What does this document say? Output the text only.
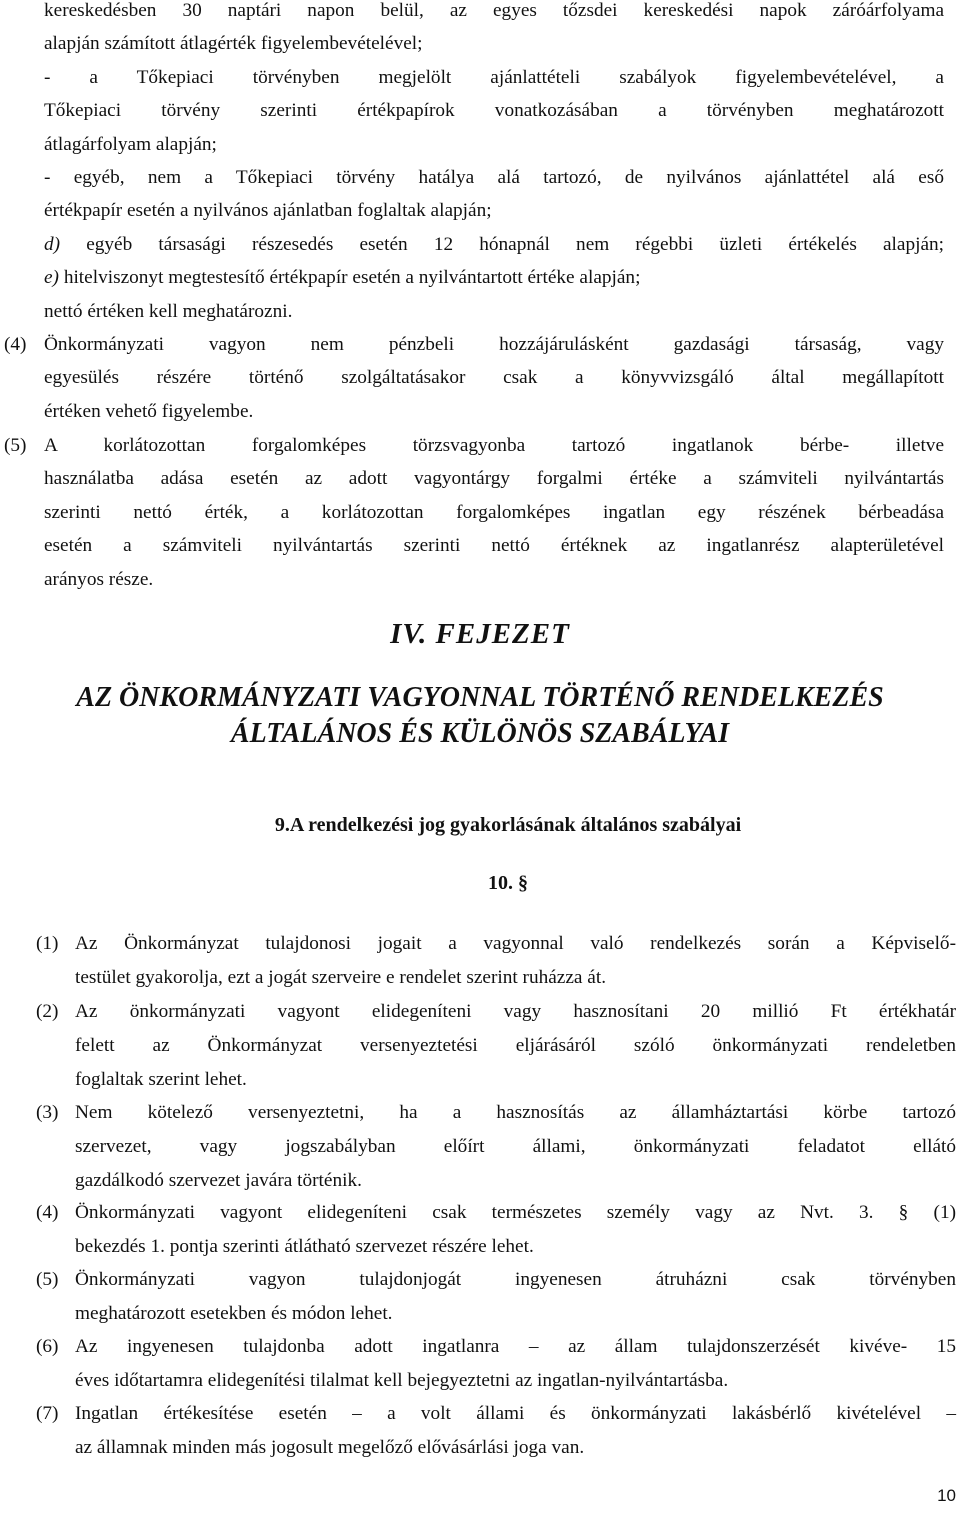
kereskedésben 30 naptári napon belül, az egyes tőzsdei kereskedési napok záróárfolyama
alapján számított átlagérték figyelembevételével;
- a Tőkepiaci törvényben megjelölt ajánlattételi szabályok figyelembevételével, a
Tőkepiaci törvény szerinti értékpapírok vonatkozásában a törvényben meghatározott
átlagárfolyam alapján;
- egyéb, nem a Tőkepiaci törvény hatálya alá tartozó, de nyilvános ajánlattétel alá eső
értékpapír esetén a nyilvános ajánlatban foglaltak alapján;
d) egyéb társasági részesedés esetén 12 hónapnál nem régebbi üzleti értékelés alapján;
e) hitelviszonyt megtestesítő értékpapír esetén a nyilvántartott értéke alapján;
nettó értéken kell meghatározni.
(4) Önkormányzati vagyon nem pénzbeli hozzájárulásként gazdasági társaság, vagy
egyesülés részére történő szolgáltatásakor csak a könyvvizsgáló által megállapított
értéken vehető figyelembe.
(5) A korlátozottan forgalomképes törzsvagyonba tartozó ingatlanok bérbe- illetve
használatba adása esetén az adott vagyontárgy forgalmi értéke a számviteli nyilvántartás
szerinti nettó érték, a korlátozottan forgalomképes ingatlan egy részének bérbeadása
esetén a számviteli nyilvántartás szerinti nettó értéknek az ingatlanrész alapterületével
arányos része.
IV. FEJEZET
AZ ÖNKORMÁNYZATI VAGYONNAL TÖRTÉNŐ RENDELKEZÉS
ÁLTALÁNOS ÉS KÜLÖNÖS SZABÁLYAI
9.A rendelkezési jog gyakorlásának általános szabályai
10. §
(1) Az Önkormányzat tulajdonosi jogait a vagyonnal való rendelkezés során a Képviselő-
testület gyakorolja, ezt a jogát szerveire e rendelet szerint ruházza át.
(2) Az önkormányzati vagyont elidegeníteni vagy hasznosítani 20 millió Ft értékhatár
felett az Önkormányzat versenyeztetési eljárásáról szóló önkormányzati rendeletben
foglaltak szerint lehet.
(3) Nem kötelező versenyeztetni, ha a hasznosítás az államháztartási körbe tartozó
szervezet, vagy jogszabályban előírt állami, önkormányzati feladatot ellátó
gazdálkodó szervezet javára történik.
(4) Önkormányzati vagyont elidegeníteni csak természetes személy vagy az Nvt. 3. § (1)
bekezdés 1. pontja szerinti átlátható szervezet részére lehet.
(5) Önkormányzati vagyon tulajdonjogát ingyenesen átruházni csak törvényben
meghatározott esetekben és módon lehet.
(6) Az ingyenesen tulajdonba adott ingatlanra – az állam tulajdonszerzését kivéve- 15
éves időtartamra elidegenítési tilalmat kell bejegyeztetni az ingatlan-nyilvántartásba.
(7) Ingatlan értékesítése esetén – a volt állami és önkormányzati lakásbérlő kivételével –
az államnak minden más jogosult megelőző elővásárlási joga van.
10
